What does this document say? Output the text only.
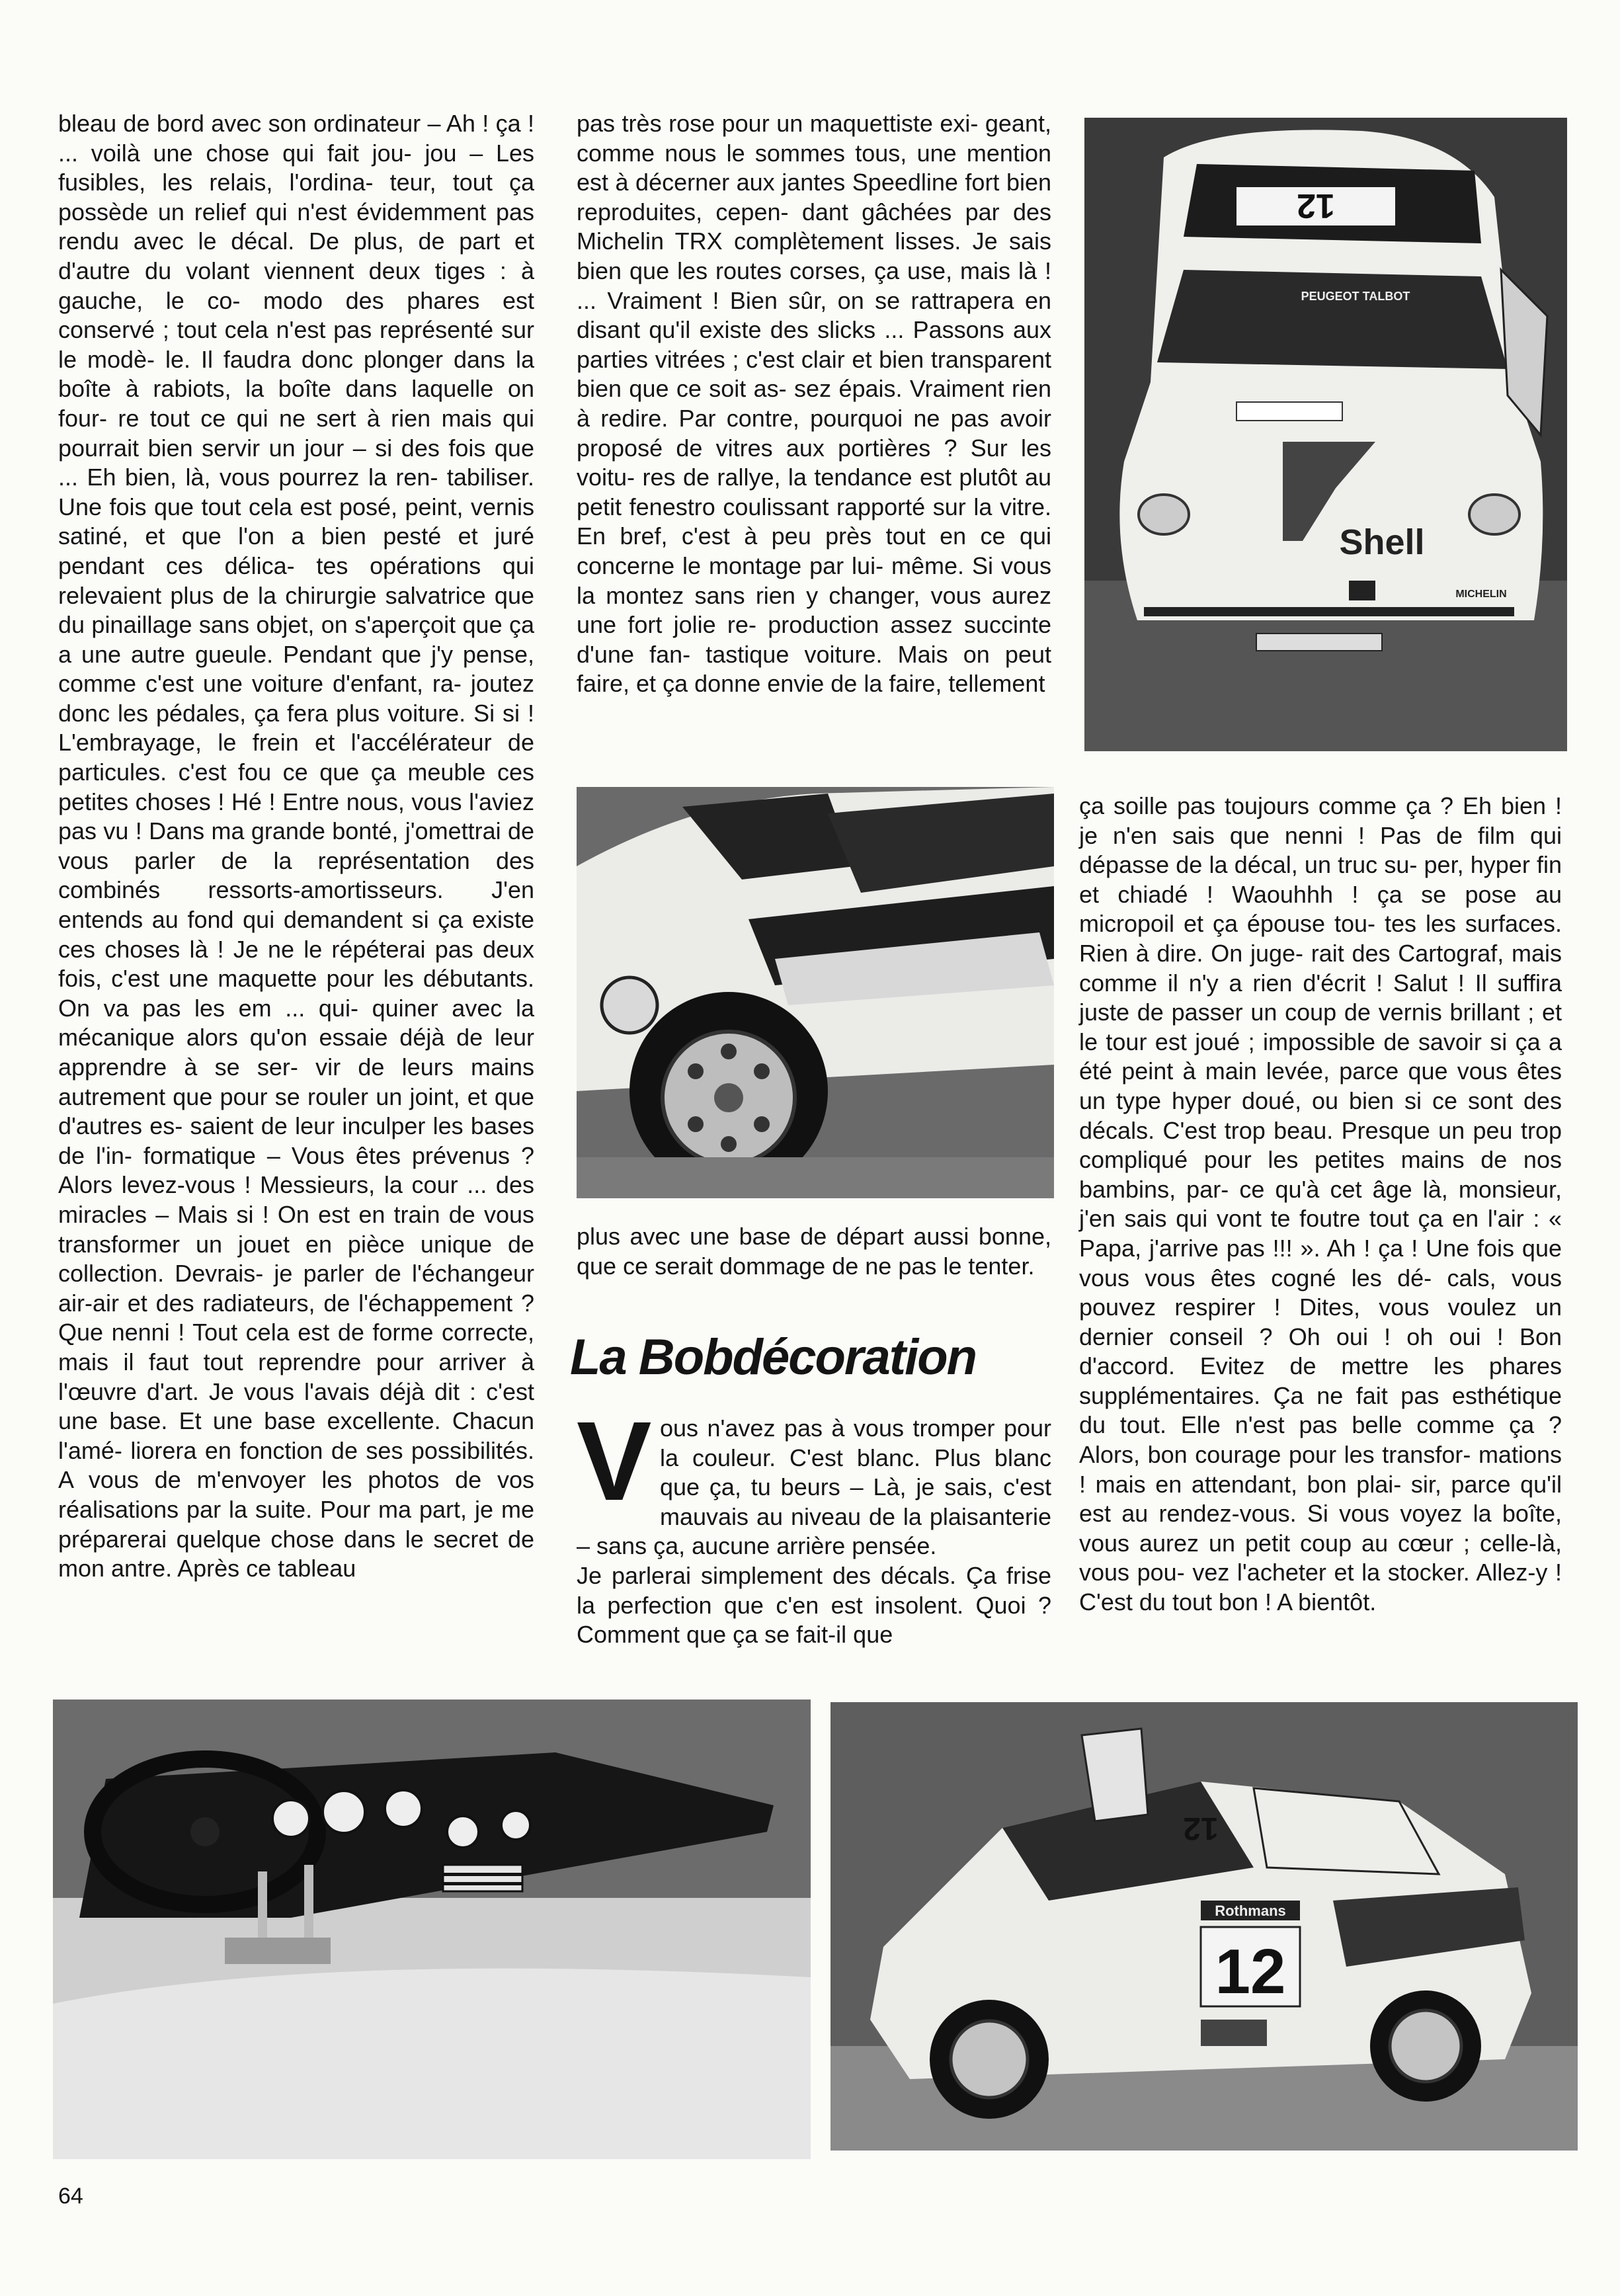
bleau de bord avec son ordinateur – Ah ! ça ! ... voilà une chose qui fait jou- jou – Les fusibles, les relais, l'ordina- teur, tout ça possède un relief qui n'est évidemment pas rendu avec le décal. De plus, de part et d'autre du volant viennent deux tiges : à gauche, le co- modo des phares est conservé ; tout cela n'est pas représenté sur le modè- le. Il faudra donc plonger dans la boîte à rabiots, la boîte dans laquelle on four- re tout ce qui ne sert à rien mais qui pourrait bien servir un jour – si des fois que ... Eh bien, là, vous pourrez la ren- tabiliser. Une fois que tout cela est posé, peint, vernis satiné, et que l'on a bien pesté et juré pendant ces délica- tes opérations qui relevaient plus de la chirurgie salvatrice que du pinaillage sans objet, on s'aperçoit que ça a une autre gueule. Pendant que j'y pense, comme c'est une voiture d'enfant, ra- joutez donc les pédales, ça fera plus voiture. Si si ! L'embrayage, le frein et l'accélérateur de particules. c'est fou ce que ça meuble ces petites choses ! Hé ! Entre nous, vous l'aviez pas vu ! Dans ma grande bonté, j'omettrai de vous parler de la représentation des combinés ressorts-amortisseurs. J'en entends au fond qui demandent si ça existe ces choses là ! Je ne le répéterai pas deux fois, c'est une maquette pour les débutants. On va pas les em ... qui- quiner avec la mécanique alors qu'on essaie déjà de leur apprendre à se ser- vir de leurs mains autrement que pour se rouler un joint, et que d'autres es- saient de leur inculper les bases de l'in- formatique – Vous êtes prévenus ? Alors levez-vous ! Messieurs, la cour ... des miracles – Mais si ! On est en train de vous transformer un jouet en pièce unique de collection. Devrais- je parler de l'échangeur air-air et des radiateurs, de l'échappement ? Que nenni ! Tout cela est de forme correcte, mais il faut tout reprendre pour arriver à l'œuvre d'art. Je vous l'avais déjà dit : c'est une base. Et une base excellente. Chacun l'amé- liorera en fonction de ses possibilités. A vous de m'envoyer les photos de vos réalisations par la suite. Pour ma part, je me préparerai quelque chose dans le secret de mon antre. Après ce tableau

pas très rose pour un maquettiste exi- geant, comme nous le sommes tous, une mention est à décerner aux jantes Speedline fort bien reproduites, cepen- dant gâchées par des Michelin TRX complètement lisses. Je sais bien que les routes corses, ça use, mais là ! ... Vraiment ! Bien sûr, on se rattrapera en disant qu'il existe des slicks ... Passons aux parties vitrées ; c'est clair et bien transparent bien que ce soit as- sez épais. Vraiment rien à redire. Par contre, pourquoi ne pas avoir proposé de vitres aux portières ? Sur les voitu- res de rallye, la tendance est plutôt au petit fenestro coulissant rapporté sur la vitre. En bref, c'est à peu près tout en ce qui concerne le montage par lui- même. Si vous la montez sans rien y changer, vous aurez une fort jolie re- production assez succinte d'une fan- tastique voiture. Mais on peut faire, et ça donne envie de la faire, tellement

12
PEUGEOT TALBOT
Shell
MICHELIN

plus avec une base de départ aussi bonne, que ce serait dommage de ne pas le tenter.

La Bobdécoration
V ous n'avez pas à vous tromper pour la couleur. C'est blanc. Plus blanc que ça, tu beurs – Là, je sais, c'est mauvais au niveau de la plaisanterie – sans ça, aucune arrière pensée.

Je parlerai simplement des décals. Ça frise la perfection que c'en est insolent. Quoi ? Comment que ça se fait-il que

ça soille pas toujours comme ça ? Eh bien ! je n'en sais que nenni ! Pas de film qui dépasse de la décal, un truc su- per, hyper fin et chiadé ! Waouhhh ! ça se pose au micropoil et ça épouse tou- tes les surfaces. Rien à dire. On juge- rait des Cartograf, mais comme il n'y a rien d'écrit ! Salut ! Il suffira juste de passer un coup de vernis brillant ; et le tour est joué ; impossible de savoir si ça a été peint à main levée, parce que vous êtes un type hyper doué, ou bien si ce sont des décals. C'est trop beau. Presque un peu trop compliqué pour les petites mains de nos bambins, par- ce qu'à cet âge là, monsieur, j'en sais qui vont te foutre tout ça en l'air : « Papa, j'arrive pas !!! ». Ah ! ça ! Une fois que vous vous êtes cogné les dé- cals, vous pouvez respirer ! Dites, vous voulez un dernier conseil ? Oh oui ! oh oui ! Bon d'accord. Evitez de mettre les phares supplémentaires. Ça ne fait pas esthétique du tout. Elle n'est pas belle comme ça ? Alors, bon courage pour les transfor- mations ! mais en attendant, bon plai- sir, parce qu'il est au rendez-vous. Si vous voyez la boîte, vous aurez un petit coup au cœur ; celle-là, vous pou- vez l'acheter et la stocker. Allez-y ! C'est du tout bon ! A bientôt.

12
Rothmans
12

64
